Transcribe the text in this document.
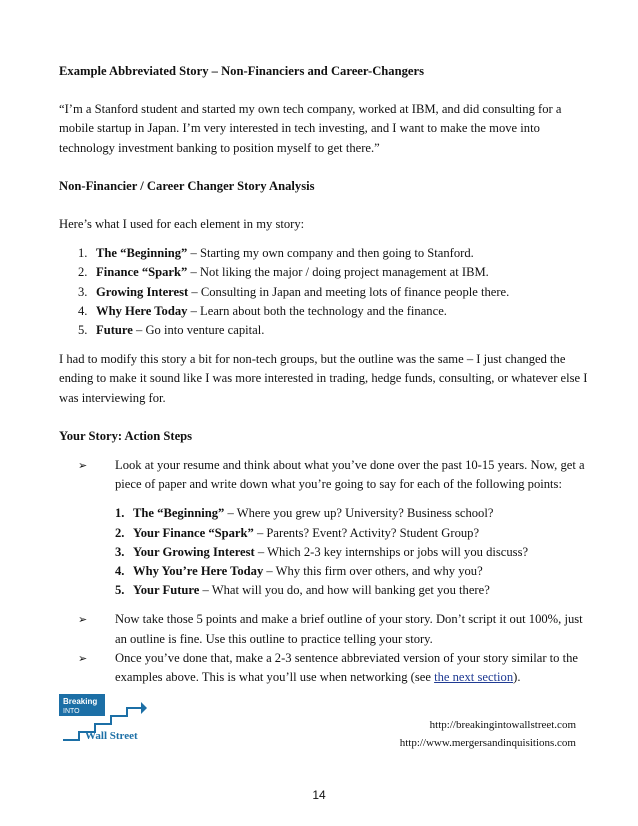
Example Abbreviated Story – Non-Financiers and Career-Changers

“I’m a Stanford student and started my own tech company, worked at IBM, and did consulting for a mobile startup in Japan. I’m very interested in tech investing, and I want to make the move into technology investment banking to position myself to get there.”

Non-Financier / Career Changer Story Analysis

Here’s what I used for each element in my story:

1. The “Beginning” – Starting my own company and then going to Stanford.
2. Finance “Spark” – Not liking the major / doing project management at IBM.
3. Growing Interest – Consulting in Japan and meeting lots of finance people there.
4. Why Here Today – Learn about both the technology and the finance.
5. Future – Go into venture capital.

I had to modify this story a bit for non-tech groups, but the outline was the same – I just changed the ending to make it sound like I was more interested in trading, hedge funds, consulting, or whatever else I was interviewing for.

Your Story: Action Steps

➢	Look at your resume and think about what you’ve done over the past 10-15 years. Now, get a piece of paper and write down what you’re going to say for each of the following points:

1. The “Beginning” – Where you grew up? University? Business school?
2. Your Finance “Spark” – Parents? Event? Activity? Student Group?
3. Your Growing Interest – Which 2-3 key internships or jobs will you discuss?
4. Why You’re Here Today – Why this firm over others, and why you?
5. Your Future – What will you do, and how will banking get you there?
➢	Now take those 5 points and make a brief outline of your story. Don’t script it out 100%, just an outline is fine. Use this outline to practice telling your story.

➢	Once you’ve done that, make a 2-3 sentence abbreviated version of your story similar to the examples above. This is what you’ll use when networking (see the next section).

Breaking
INTO
Wall Street
http://breakingintowallstreet.com
http://www.mergersandinquisitions.com
14
